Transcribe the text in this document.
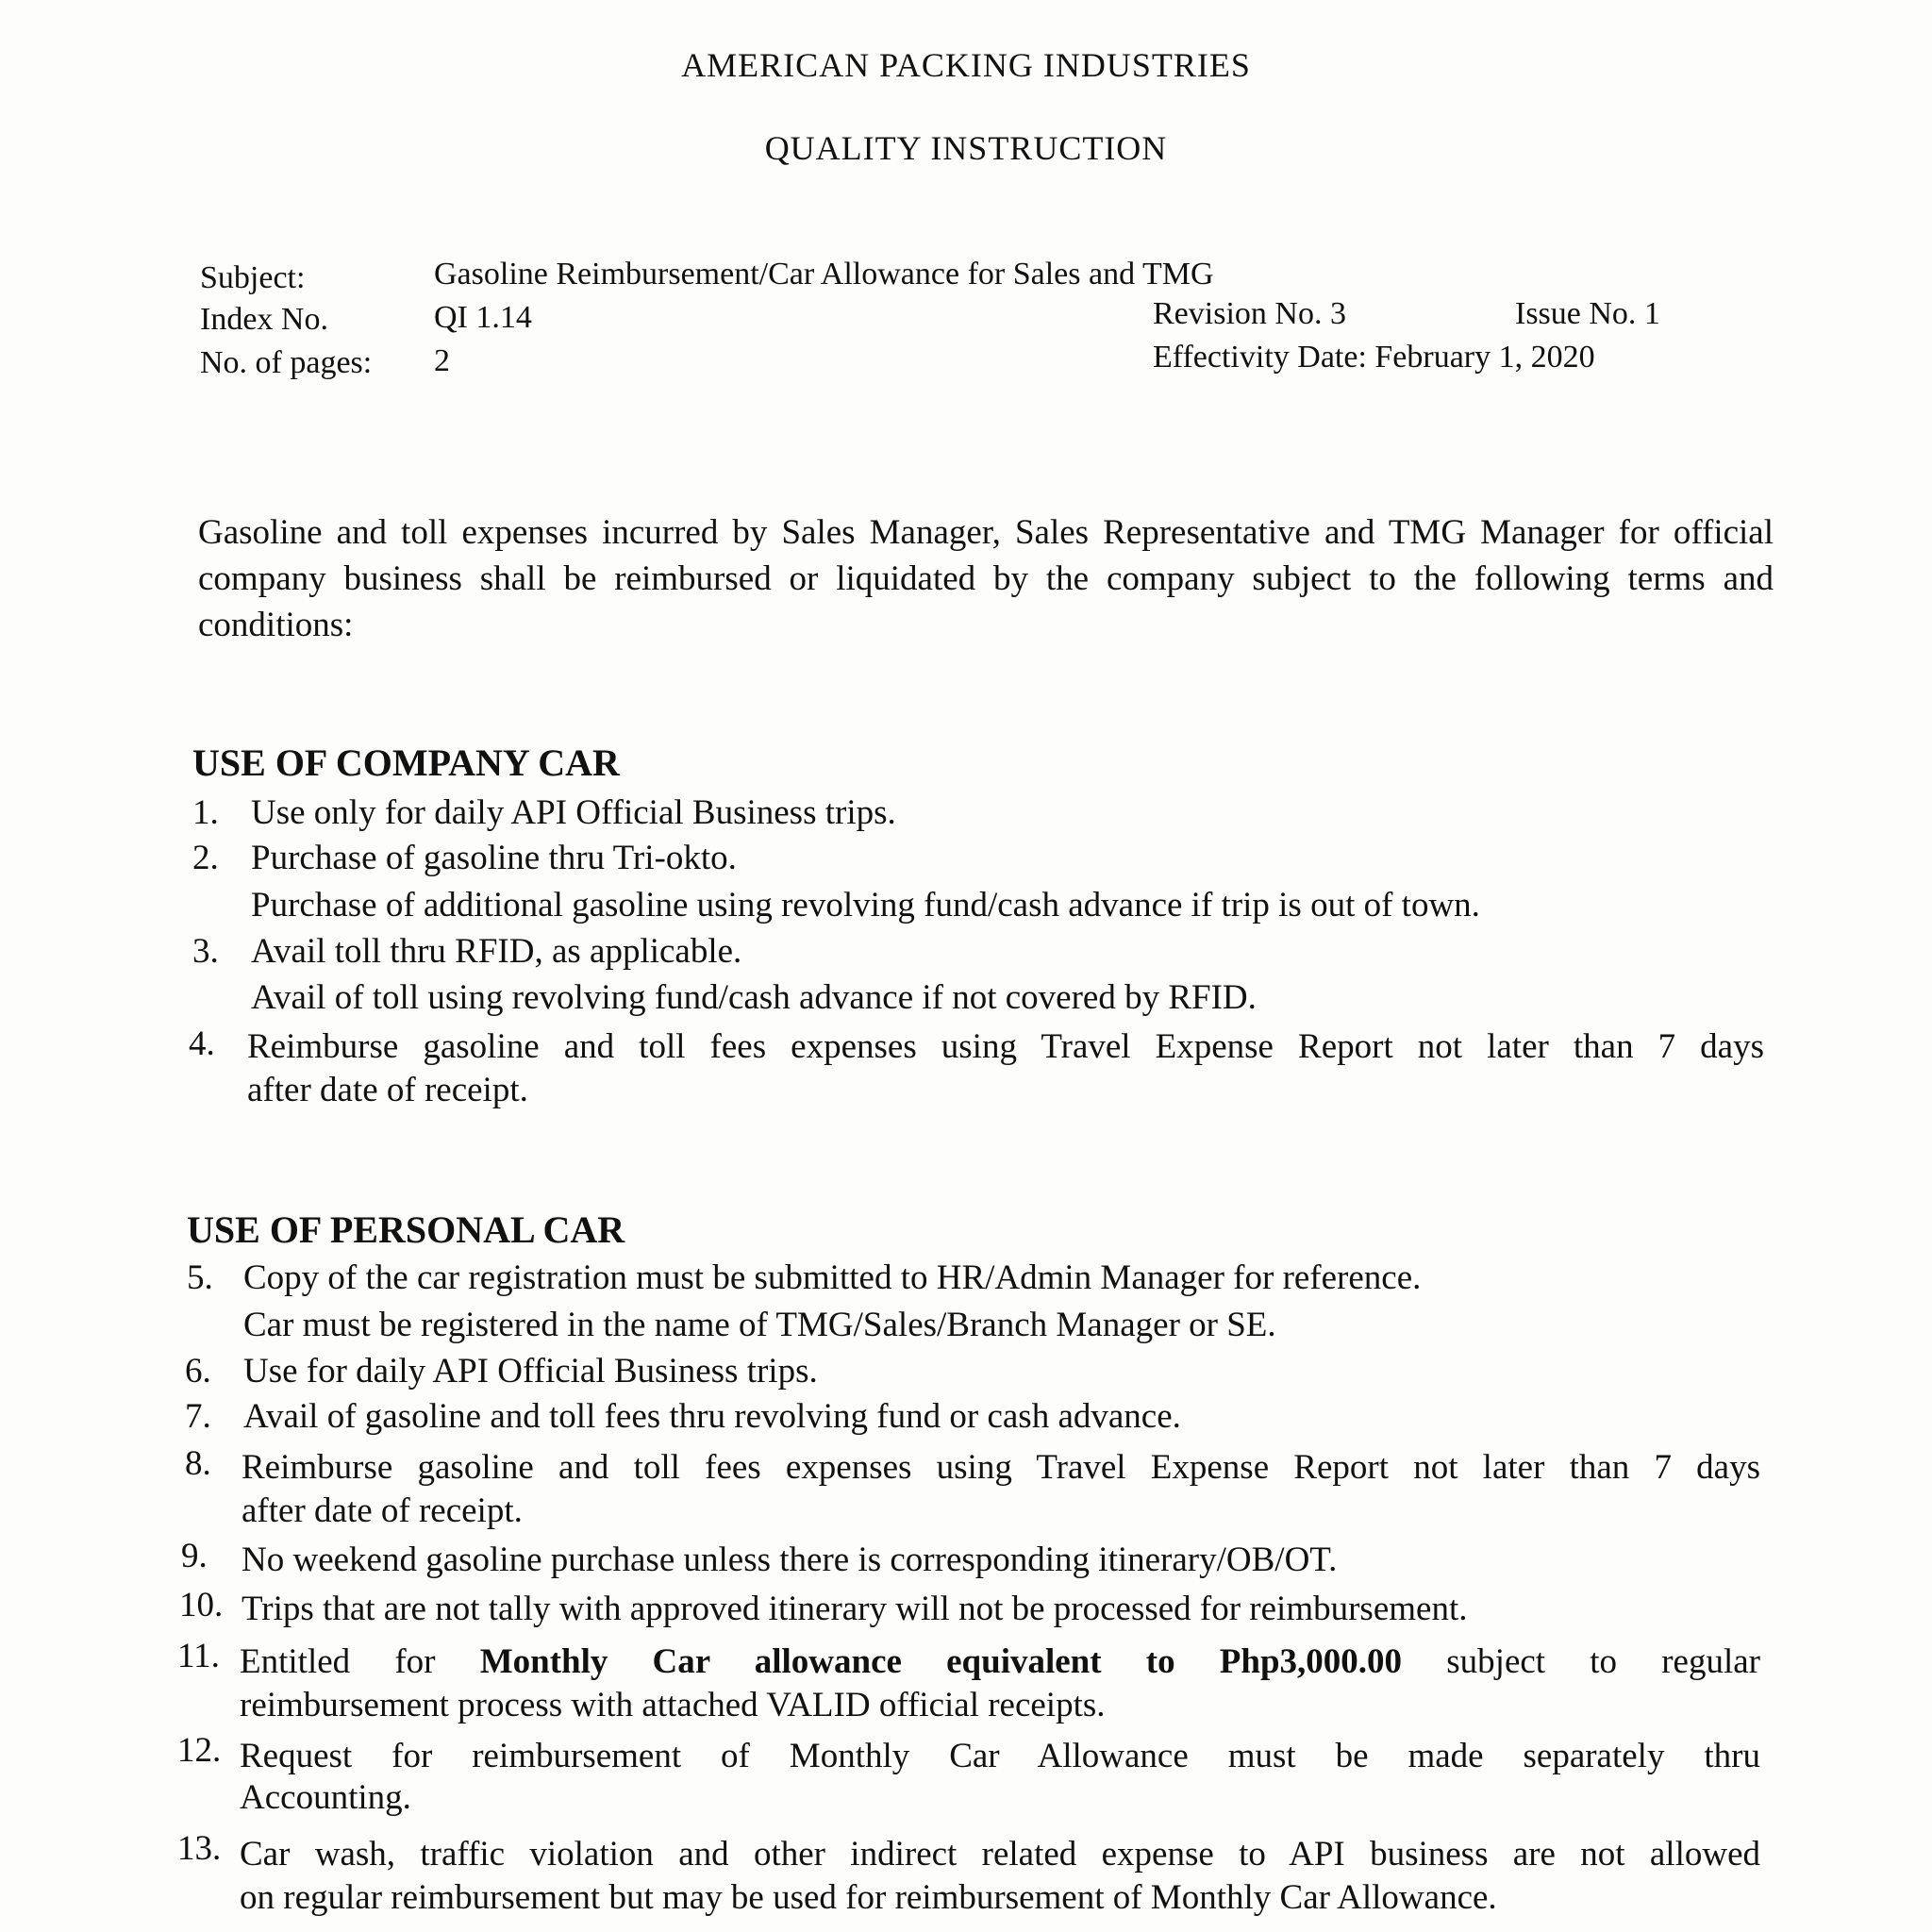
AMERICAN PACKING INDUSTRIES
QUALITY INSTRUCTION
Subject:	Gasoline Reimbursement/Car Allowance for Sales and TMG
Index No.	QI 1.14	Revision No. 3	Issue No. 1
No. of pages: 2	Effectivity Date: February 1, 2020
Gasoline and toll expenses incurred by Sales Manager, Sales Representative and TMG Manager for official company business shall be reimbursed or liquidated by the company subject to the following terms and conditions:
USE OF COMPANY CAR
1. Use only for daily API Official Business trips.
2. Purchase of gasoline thru Tri-okto.
Purchase of additional gasoline using revolving fund/cash advance if trip is out of town.
3. Avail toll thru RFID, as applicable.
Avail of toll using revolving fund/cash advance if not covered by RFID.
4. Reimburse gasoline and toll fees expenses using Travel Expense Report not later than 7 days
after date of receipt.
USE OF PERSONAL CAR
5. Copy of the car registration must be submitted to HR/Admin Manager for reference.
Car must be registered in the name of TMG/Sales/Branch Manager or SE.
6. Use for daily API Official Business trips.
7. Avail of gasoline and toll fees thru revolving fund or cash advance.
8. Reimburse gasoline and toll fees expenses using Travel Expense Report not later than 7 days
after date of receipt.
9. No weekend gasoline purchase unless there is corresponding itinerary/OB/OT.
10. Trips that are not tally with approved itinerary will not be processed for reimbursement.
11. Entitled for Monthly Car allowance equivalent to Php3,000.00 subject to regular
reimbursement process with attached VALID official receipts.
12. Request for reimbursement of Monthly Car Allowance must be made separately thru
Accounting.
13. Car wash, traffic violation and other indirect related expense to API business are not allowed
on regular reimbursement but may be used for reimbursement of Monthly Car Allowance.
